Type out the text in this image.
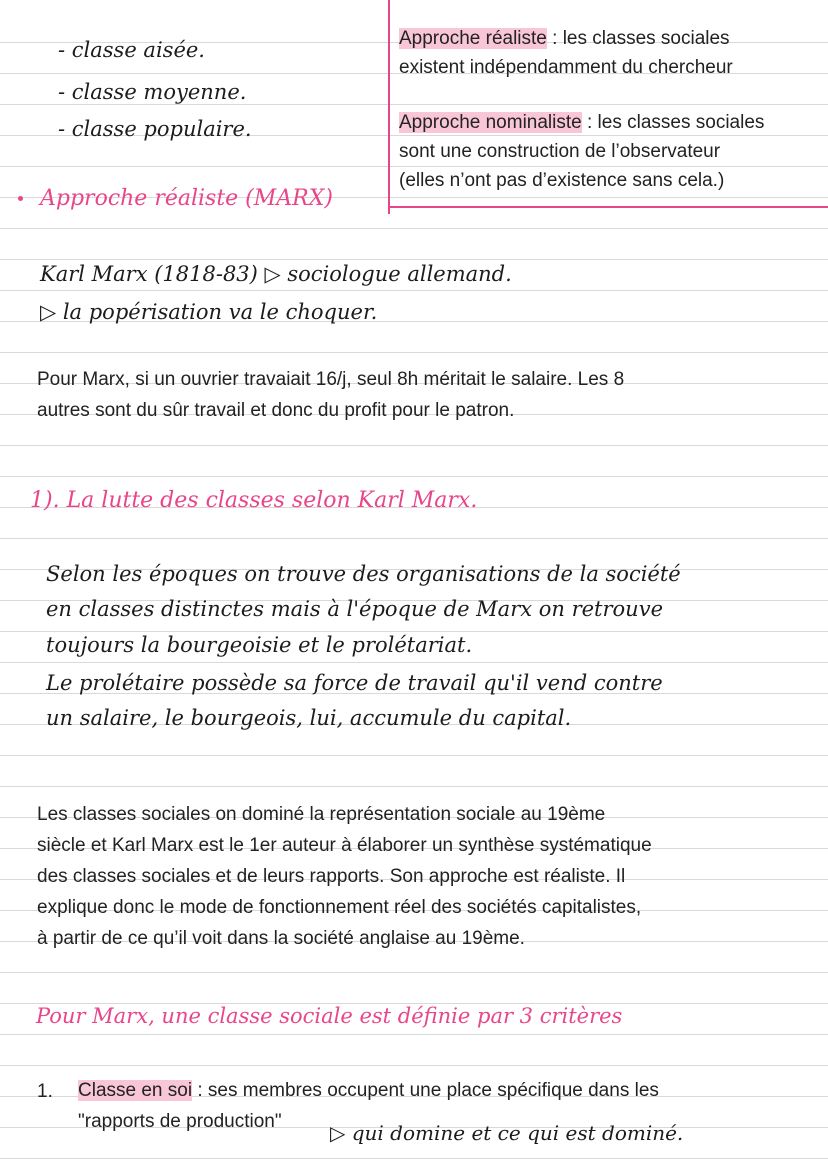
- classe aisée.
- classe moyenne.
- classe populaire.
Approche réaliste : les classes sociales
existent indépendamment du chercheur
Approche nominaliste : les classes sociales
sont une construction de l’observateur
(elles n’ont pas d’existence sans cela.)
Approche réaliste (MARX)
Karl Marx (1818-83) ▷ sociologue allemand.
▷ la popérisation va le choquer.
Pour Marx, si un ouvrier travaiait 16/j, seul 8h méritait le salaire. Les 8
autres sont du sûr travail et donc du profit pour le patron.
1). La lutte des classes selon Karl Marx.
Selon les époques on trouve des organisations de la société
en classes distinctes mais à l'époque de Marx on retrouve
toujours la bourgeoisie et le prolétariat.
Le prolétaire possède sa force de travail qu'il vend contre
un salaire, le bourgeois, lui, accumule du capital.
Les classes sociales on dominé la représentation sociale au 19ème
siècle et Karl Marx est le 1er auteur à élaborer un synthèse systématique
des classes sociales et de leurs rapports. Son approche est réaliste. Il
explique donc le mode de fonctionnement réel des sociétés capitalistes,
à partir de ce qu’il voit dans la société anglaise au 19ème.
Pour Marx, une classe sociale est définie par 3 critères
1. Classe en soi : ses membres occupent une place spécifique dans les
"rapports de production"	▷ qui domine et ce qui est dominé.
